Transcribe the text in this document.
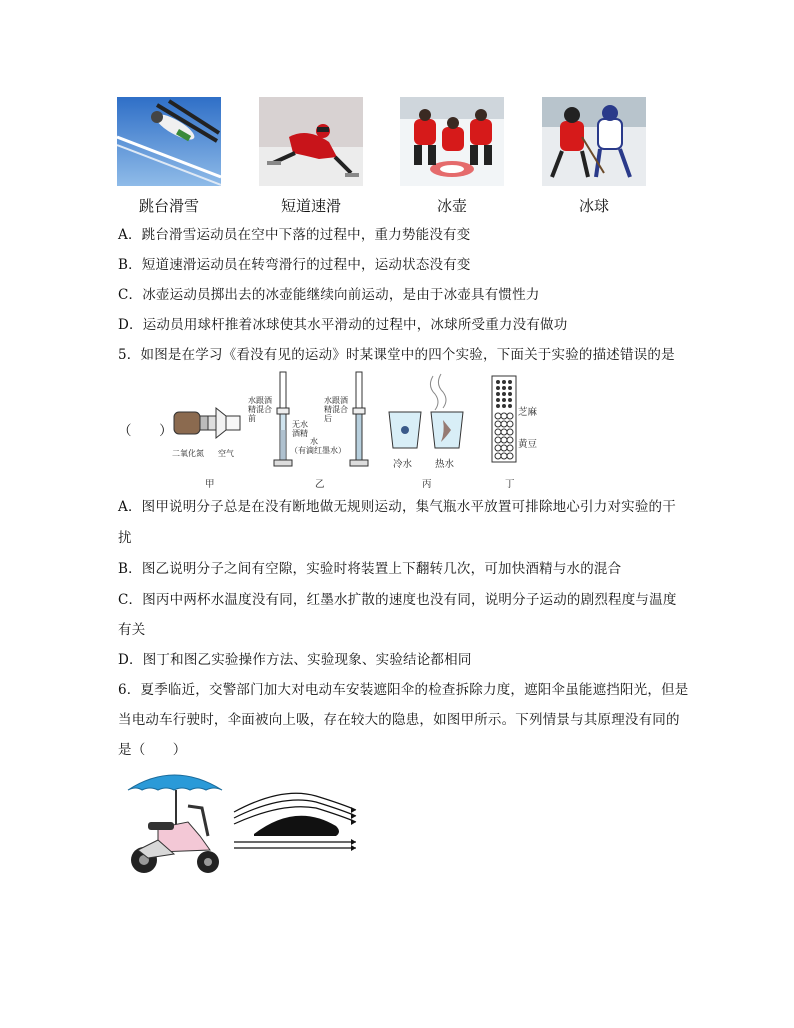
跳台滑雪	短道速滑	冰壶	冰球
A．跳台滑雪运动员在空中下落的过程中，重力势能没有变
B．短道速滑运动员在转弯滑行的过程中，运动状态没有变
C．冰壶运动员掷出去的冰壶能继续向前运动，是由于冰壶具有惯性力
D．运动员用球杆推着冰球使其水平滑动的过程中，冰球所受重力没有做功
5．如图是在学习《看没有见的运动》时某课堂中的四个实验，下面关于实验的描述错误的是
（　　）
二氧化氮 空气
甲
水跟酒精混合前
水跟酒精混合后
无水酒精
水
（有滴红墨水）
乙
冷水 热水
丙
芝麻
黄豆
丁
A．图甲说明分子总是在没有断地做无规则运动，集气瓶水平放置可排除地心引力对实验的干
扰
B．图乙说明分子之间有空隙，实验时将装置上下翻转几次，可加快酒精与水的混合
C．图丙中两杯水温度没有同，红墨水扩散的速度也没有同，说明分子运动的剧烈程度与温度
有关
D．图丁和图乙实验操作方法、实验现象、实验结论都相同
6．夏季临近，交警部门加大对电动车安装遮阳伞的检查拆除力度，遮阳伞虽能遮挡阳光，但是
当电动车行驶时，伞面被向上吸，存在较大的隐患，如图甲所示。下列情景与其原理没有同的
是（　　）
